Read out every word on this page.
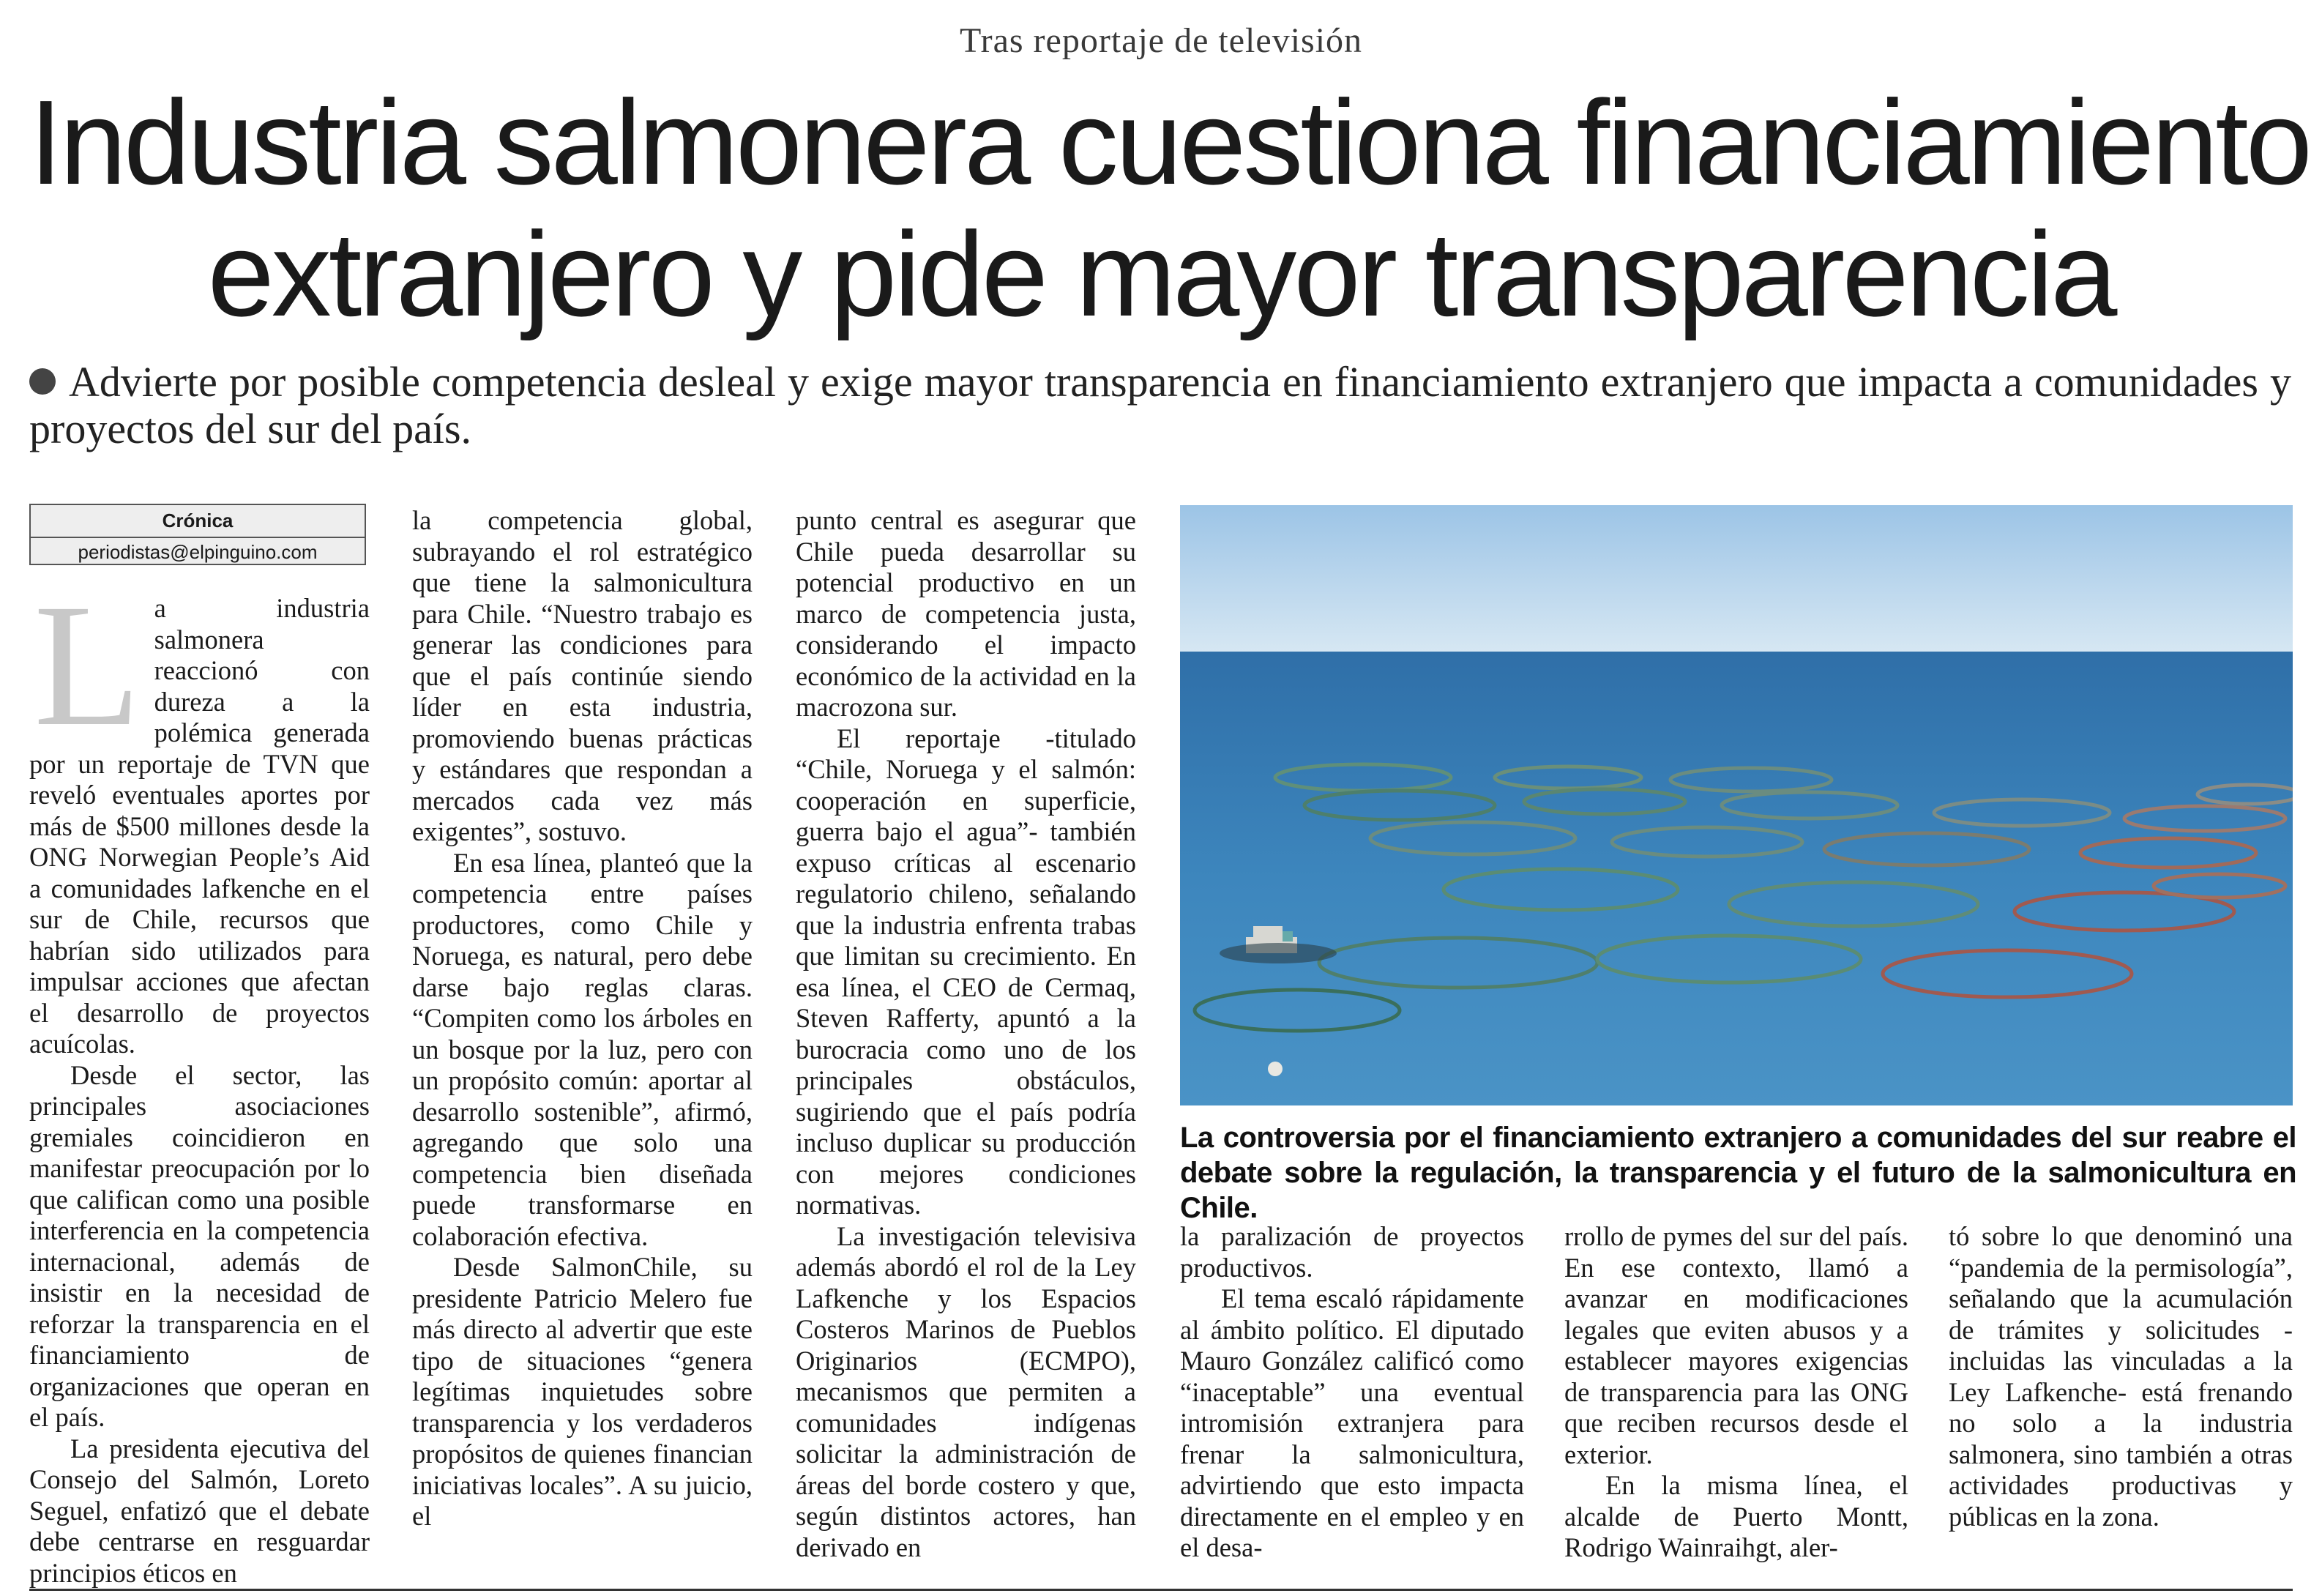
Tras reportaje de televisión
Industria salmonera cuestiona financiamiento
extranjero y pide mayor transparencia
Advierte por posible competencia desleal y exige mayor transparencia en financiamiento extranjero que impacta a comunidades y proyectos del sur del país.
Crónica
periodistas@elpinguino.com

La industria salmonera reaccionó con dureza a la polémica generada por un reportaje de TVN que reveló eventuales aportes por más de $500 millones desde la ONG Norwegian People’s Aid a comunidades lafkenche en el sur de Chile, recursos que habrían sido utilizados para impulsar acciones que afectan el desarrollo de proyectos acuícolas.

Desde el sector, las principales asociaciones gremiales coincidieron en manifestar preocupación por lo que califican como una posible interferencia en la competencia internacional, además de insistir en la necesidad de reforzar la transparencia en el financiamiento de organizaciones que operan en el país.

La presidenta ejecutiva del Consejo del Salmón, Loreto Seguel, enfatizó que el debate debe centrarse en resguardar principios éticos en

la competencia global, subrayando el rol estratégico que tiene la salmonicultura para Chile. “Nuestro trabajo es generar las condiciones para que el país continúe siendo líder en esta industria, promoviendo buenas prácticas y estándares que respondan a mercados cada vez más exigentes”, sostuvo.

En esa línea, planteó que la competencia entre países productores, como Chile y Noruega, es natural, pero debe darse bajo reglas claras. “Compiten como los árboles en un bosque por la luz, pero con un propósito común: aportar al desarrollo sostenible”, afirmó, agregando que solo una competencia bien diseñada puede transformarse en colaboración efectiva.

Desde SalmonChile, su presidente Patricio Melero fue más directo al advertir que este tipo de situaciones “genera legítimas inquietudes sobre transparencia y los verdaderos propósitos de quienes financian iniciativas locales”. A su juicio, el

punto central es asegurar que Chile pueda desarrollar su potencial productivo en un marco de competencia justa, considerando el impacto económico de la actividad en la macrozona sur.

El reportaje -titulado “Chile, Noruega y el salmón: cooperación en superficie, guerra bajo el agua”- también expuso críticas al escenario regulatorio chileno, señalando que la industria enfrenta trabas que limitan su crecimiento. En esa línea, el CEO de Cermaq, Steven Rafferty, apuntó a la burocracia como uno de los principales obstáculos, sugiriendo que el país podría incluso duplicar su producción con mejores condiciones normativas.

La investigación televisiva además abordó el rol de la Ley Lafkenche y los Espacios Costeros Marinos de Pueblos Originarios (ECMPO), mecanismos que permiten a comunidades indígenas solicitar la administración de áreas del borde costero y que, según distintos actores, han derivado en

La controversia por el financiamiento extranjero a comunidades del sur reabre el debate sobre la regulación, la transparencia y el futuro de la salmonicultura en Chile.

la paralización de proyectos productivos.

El tema escaló rápidamente al ámbito político. El diputado Mauro González calificó como “inaceptable” una eventual intromisión extranjera para frenar la salmonicultura, advirtiendo que esto impacta directamente en el empleo y en el desa-

rrollo de pymes del sur del país. En ese contexto, llamó a avanzar en modificaciones legales que eviten abusos y a establecer mayores exigencias de transparencia para las ONG que reciben recursos desde el exterior.

En la misma línea, el alcalde de Puerto Montt, Rodrigo Wainraihgt, aler-

tó sobre lo que denominó una “pandemia de la permisología”, señalando que la acumulación de trámites y solicitudes -incluidas las vinculadas a la Ley Lafkenche- está frenando no solo a la industria salmonera, sino también a otras actividades productivas y públicas en la zona.
